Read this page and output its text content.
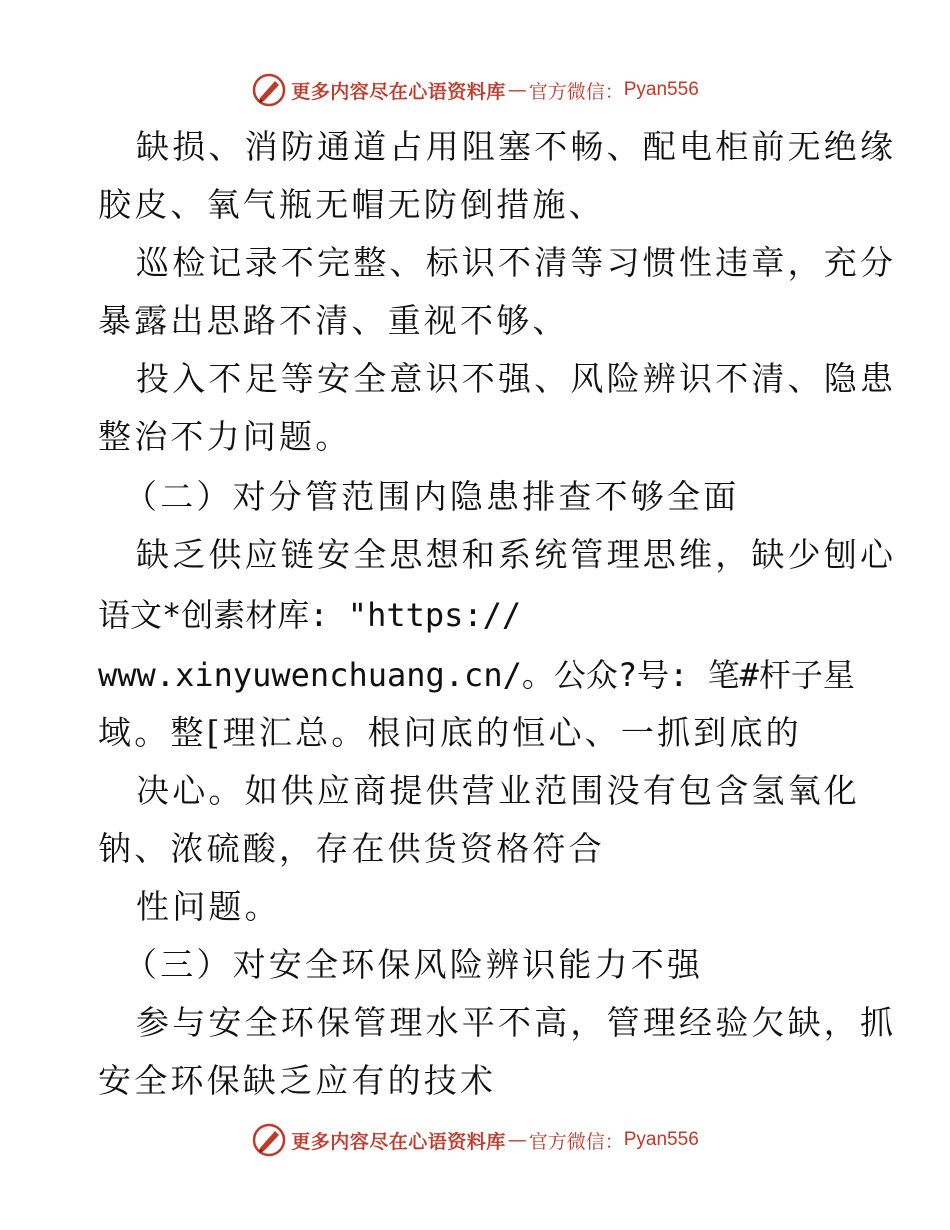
更多内容尽在心语资料库 — 官方微信： Pyan556
缺损、消防通道占用阻塞不畅、配电柜前无绝缘
胶皮、氧气瓶无帽无防倒措施、
巡检记录不完整、标识不清等习惯性违章，充分
暴露出思路不清、重视不够、
投入不足等安全意识不强、风险辨识不清、隐患
整治不力问题。
（二）对分管范围内隐患排查不够全面
缺乏供应链安全思想和系统管理思维，缺少刨心
语文*创素材库: "https://
www.xinyuwenchuang.cn/。公众?号: 笔#杆子星
域。整[理汇总。根问底的恒心、一抓到底的
决心。如供应商提供营业范围没有包含氢氧化
钠、浓硫酸，存在供货资格符合
性问题。
（三）对安全环保风险辨识能力不强
参与安全环保管理水平不高，管理经验欠缺，抓
安全环保缺乏应有的技术
更多内容尽在心语资料库 — 官方微信： Pyan556
